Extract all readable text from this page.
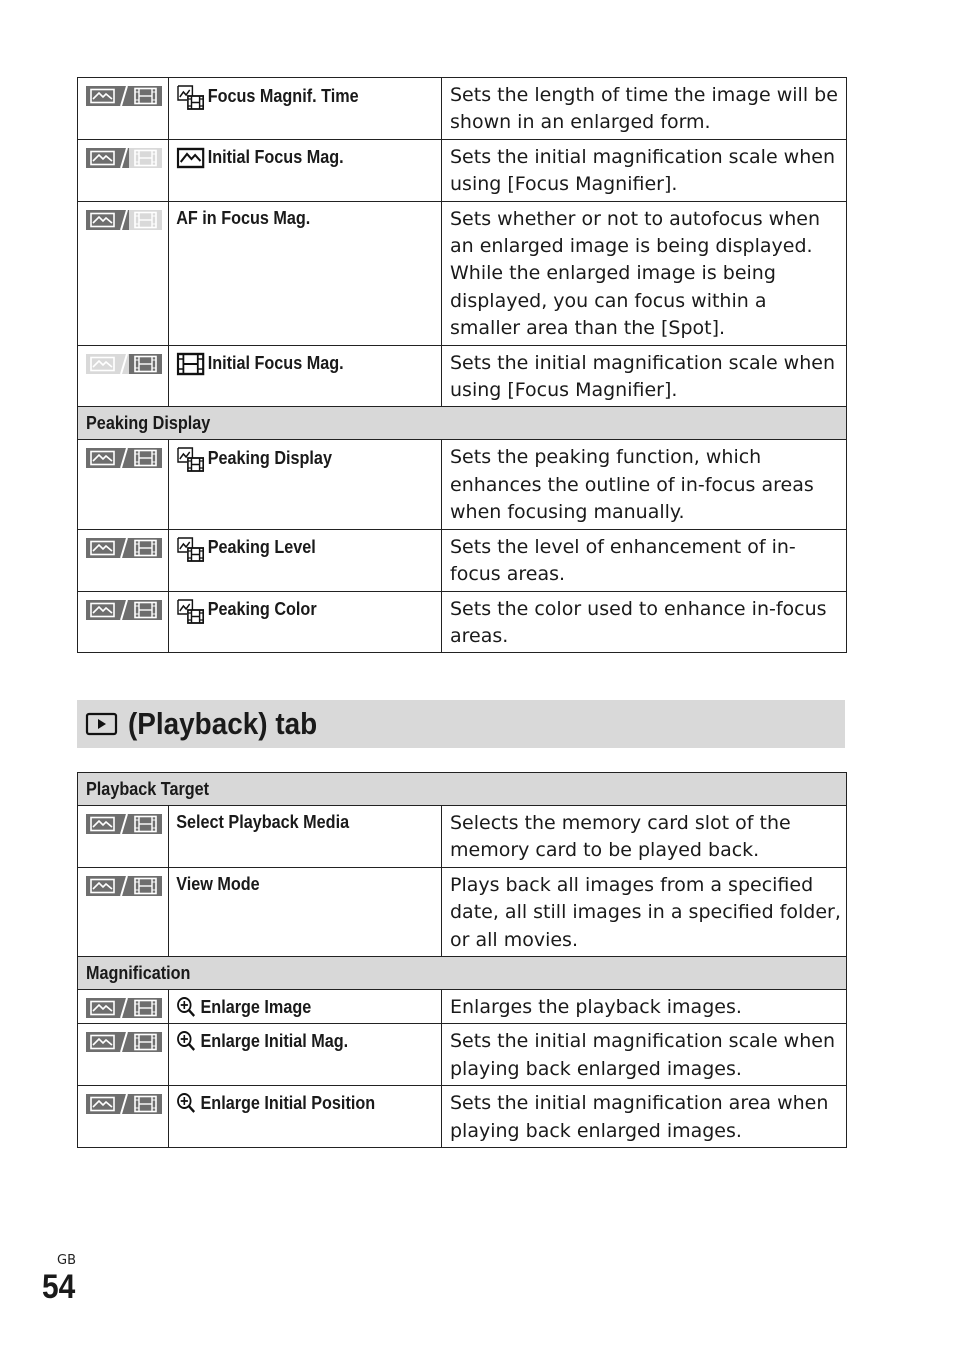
Focus Magnif. Time	Sets the length of time the image will be shown in an enlarged form.

Initial Focus Mag.	Sets the initial magnification scale when using [Focus Magnifier].

AF in Focus Mag.	Sets whether or not to autofocus when an enlarged image is being displayed. While the enlarged image is being displayed, you can focus within a smaller area than the [Spot].

Initial Focus Mag.	Sets the initial magnification scale when using [Focus Magnifier].

Peaking Display		

Peaking Display	Sets the peaking function, which enhances the outline of in-focus areas when focusing manually.

Peaking Level	Sets the level of enhancement of in-focus areas.

Peaking Color	Sets the color used to enhance in-focus areas.
(Playback) tab
Playback Target		

Select Playback Media	Selects the memory card slot of the memory card to be played back.

View Mode	Plays back all images from a specified date, all still images in a specified folder, or all movies.

Magnification		

Enlarge Image	Enlarges the playback images.

Enlarge Initial Mag.	Sets the initial magnification scale when playing back enlarged images.

Enlarge Initial Position	Sets the initial magnification area when playing back enlarged images.
GB
54
